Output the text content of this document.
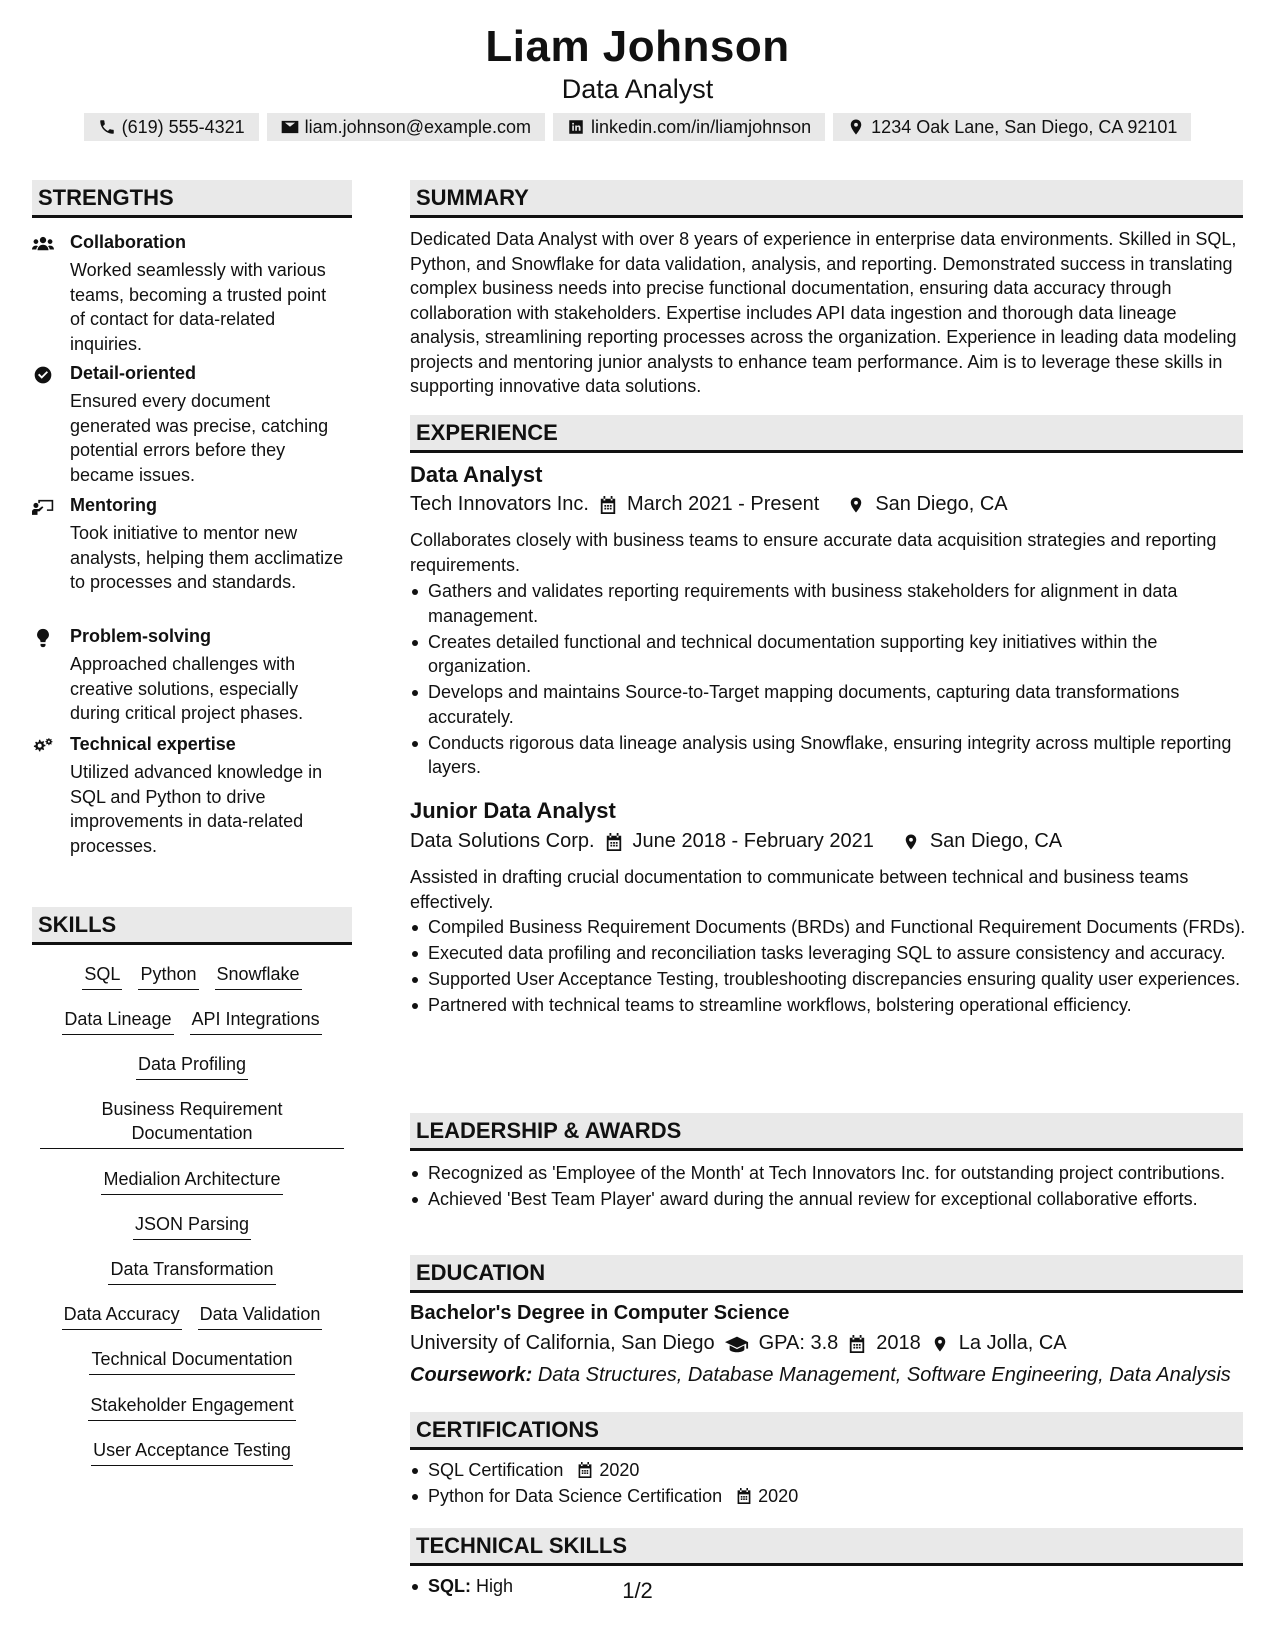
Liam Johnson
Data Analyst
(619) 555-4321	liam.johnson@example.com	linkedin.com/in/liamjohnson	1234 Oak Lane, San Diego, CA 92101
STRENGTHS
Collaboration
Worked seamlessly with various teams, becoming a trusted point of contact for data-related inquiries.
Detail-oriented
Ensured every document generated was precise, catching potential errors before they became issues.
Mentoring
Took initiative to mentor new analysts, helping them acclimatize to processes and standards.
Problem-solving
Approached challenges with creative solutions, especially during critical project phases.
Technical expertise
Utilized advanced knowledge in SQL and Python to drive improvements in data-related processes.
SKILLS
SQL Python Snowflake
Data Lineage API Integrations
Data Profiling
Business Requirement Documentation
Medialion Architecture
JSON Parsing
Data Transformation
Data Accuracy Data Validation
Technical Documentation
Stakeholder Engagement
User Acceptance Testing
SUMMARY
Dedicated Data Analyst with over 8 years of experience in enterprise data environments. Skilled in SQL, Python, and Snowflake for data validation, analysis, and reporting. Demonstrated success in translating complex business needs into precise functional documentation, ensuring data accuracy through collaboration with stakeholders. Expertise includes API data ingestion and thorough data lineage analysis, streamlining reporting processes across the organization. Experience in leading data modeling projects and mentoring junior analysts to enhance team performance. Aim is to leverage these skills in supporting innovative data solutions.
EXPERIENCE
Data Analyst
Tech Innovators Inc. March 2021 - Present	San Diego, CA
Collaborates closely with business teams to ensure accurate data acquisition strategies and reporting requirements.
Gathers and validates reporting requirements with business stakeholders for alignment in data management.
Creates detailed functional and technical documentation supporting key initiatives within the organization.
Develops and maintains Source-to-Target mapping documents, capturing data transformations accurately.
Conducts rigorous data lineage analysis using Snowflake, ensuring integrity across multiple reporting layers.
Junior Data Analyst
Data Solutions Corp. June 2018 - February 2021	San Diego, CA
Assisted in drafting crucial documentation to communicate between technical and business teams effectively.
Compiled Business Requirement Documents (BRDs) and Functional Requirement Documents (FRDs).
Executed data profiling and reconciliation tasks leveraging SQL to assure consistency and accuracy.
Supported User Acceptance Testing, troubleshooting discrepancies ensuring quality user experiences.
Partnered with technical teams to streamline workflows, bolstering operational efficiency.
LEADERSHIP & AWARDS
Recognized as 'Employee of the Month' at Tech Innovators Inc. for outstanding project contributions.
Achieved 'Best Team Player' award during the annual review for exceptional collaborative efforts.
EDUCATION
Bachelor's Degree in Computer Science
University of California, San Diego GPA: 3.8 2018 La Jolla, CA
Coursework: Data Structures, Database Management, Software Engineering, Data Analysis
CERTIFICATIONS
SQL Certification 2020
Python for Data Science Certification 2020
TECHNICAL SKILLS
SQL: High	1/2
